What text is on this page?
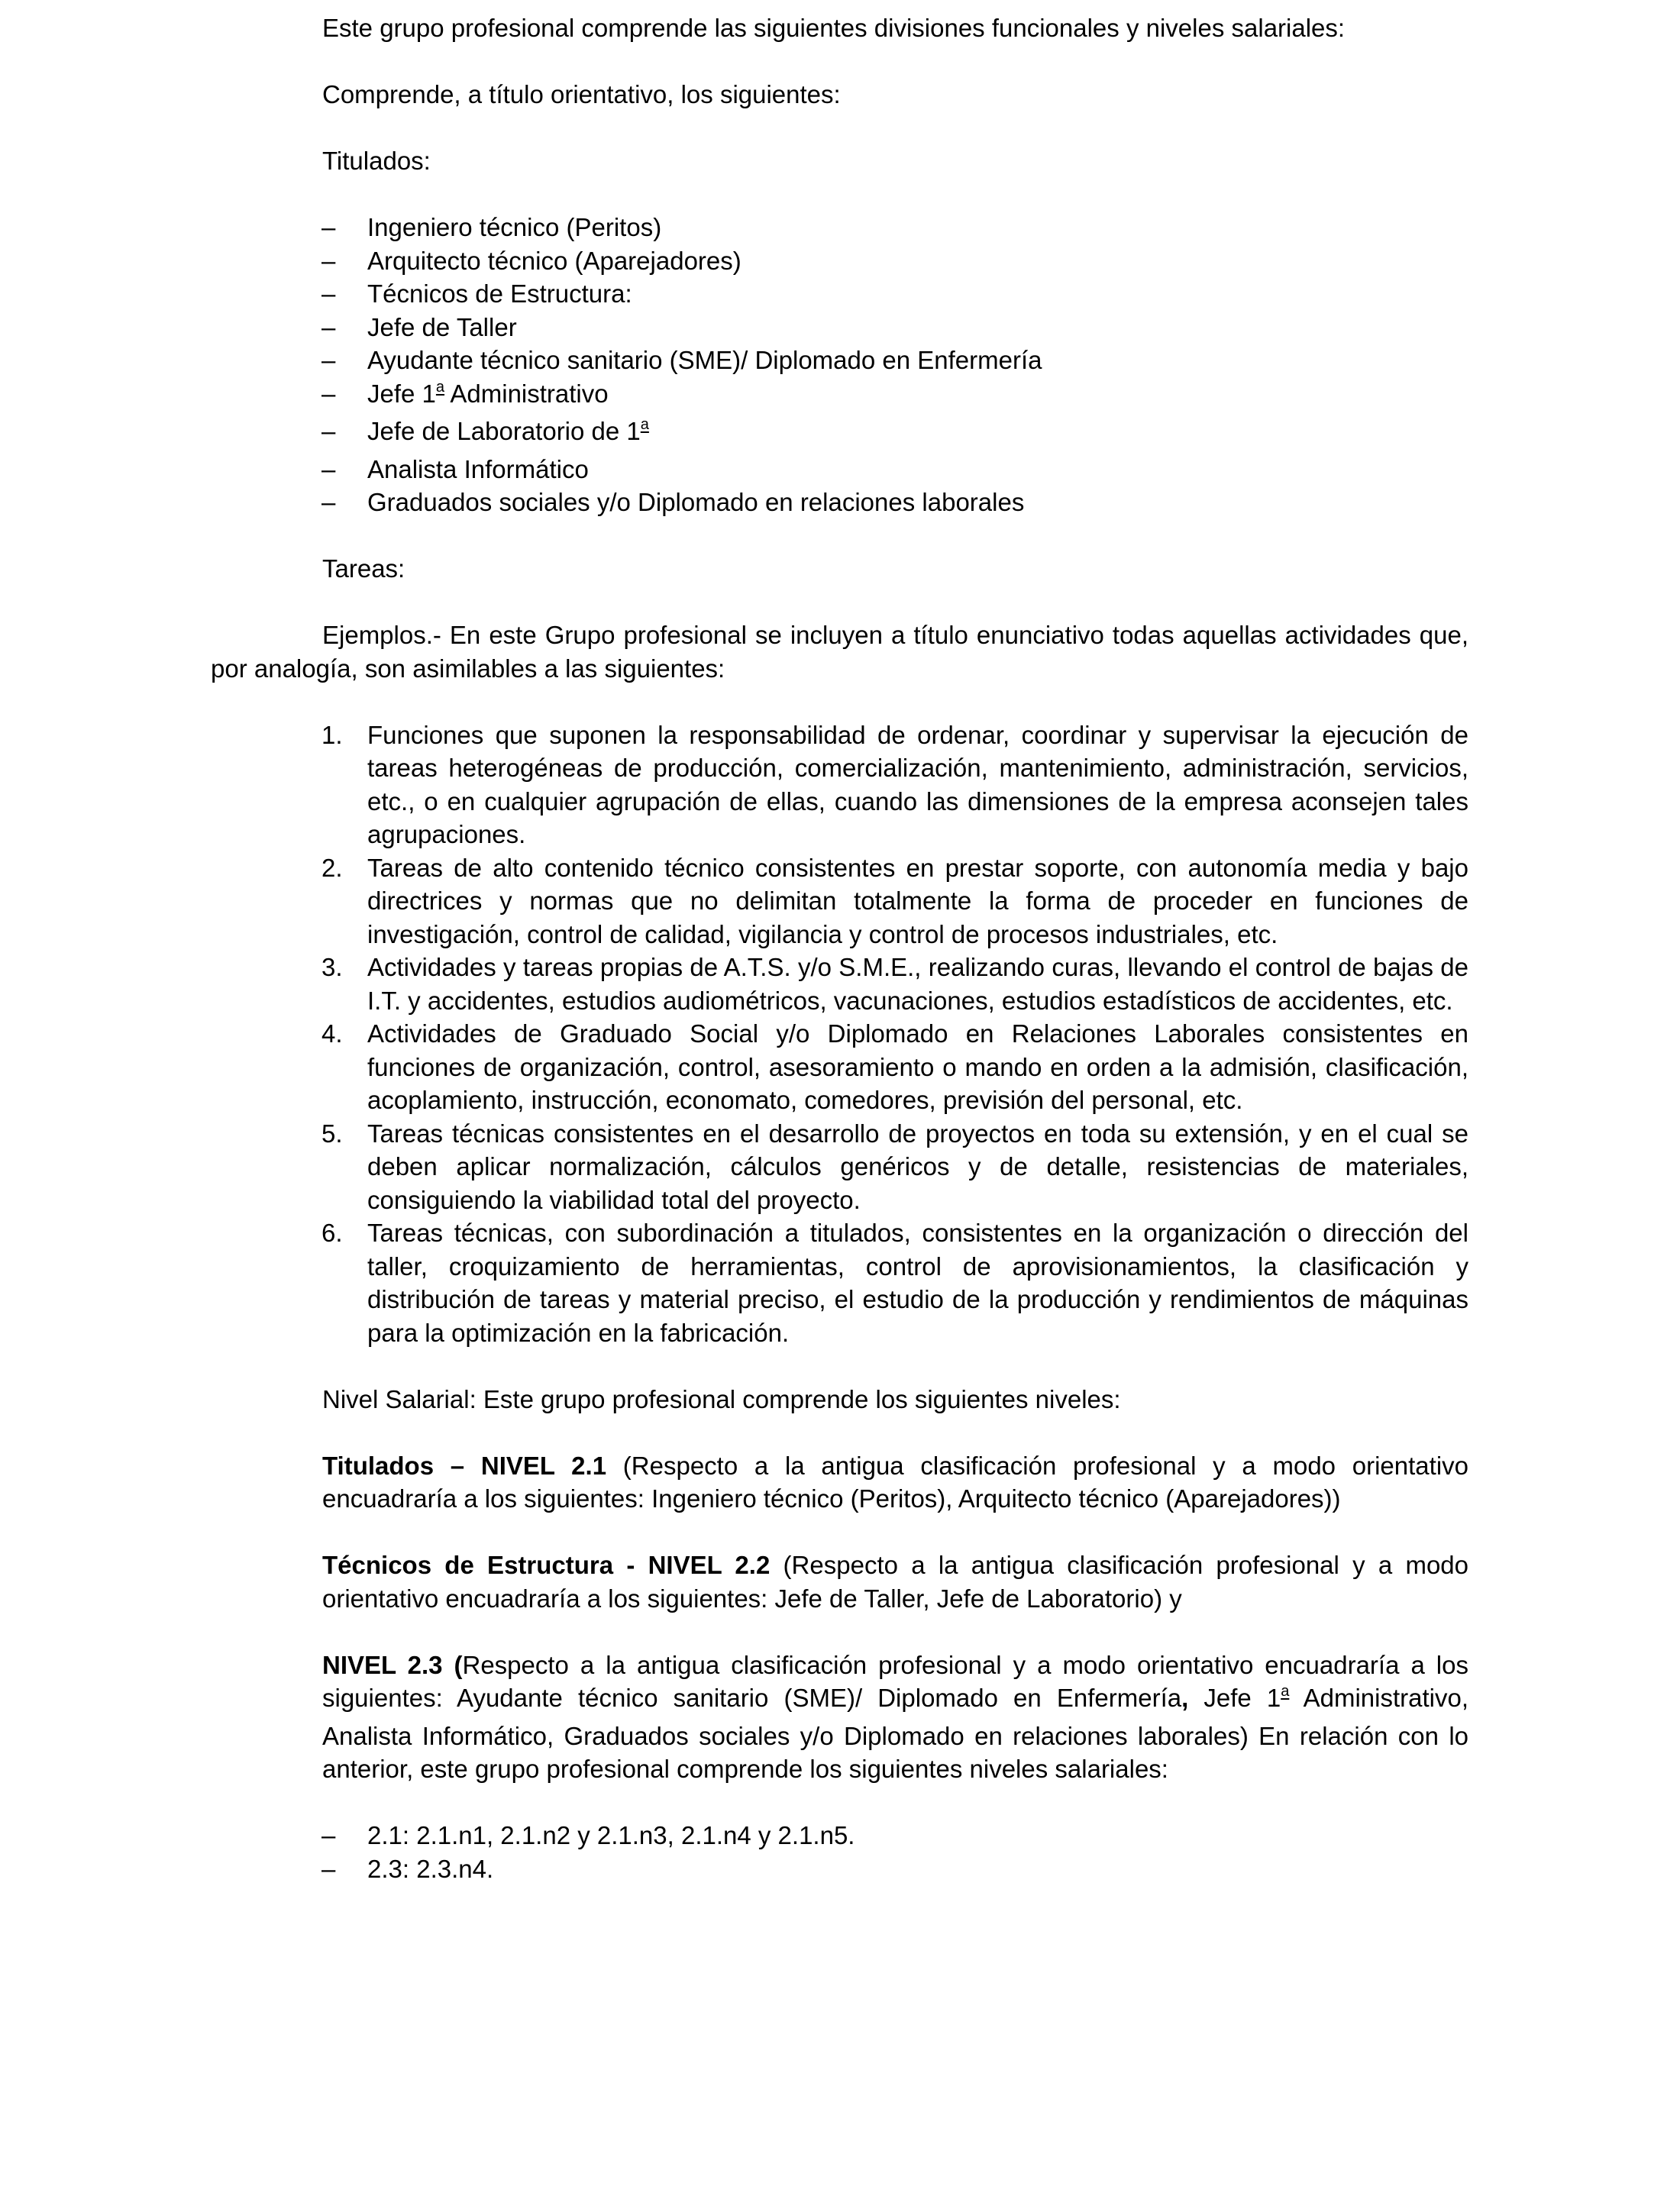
Este grupo profesional comprende las siguientes divisiones funcionales y niveles salariales:

Comprende, a título orientativo, los siguientes:

Titulados:

– Ingeniero técnico (Peritos)
– Arquitecto técnico (Aparejadores)
– Técnicos de Estructura:
– Jefe de Taller
– Ayudante técnico sanitario (SME)/ Diplomado en Enfermería
– Jefe 1$^a$ Administrativo
– Jefe de Laboratorio de 1$^a$
– Analista Informático
– Graduados sociales y/o Diplomado en relaciones laborales

Tareas:

Ejemplos.- En este Grupo profesional se incluyen a título enunciativo todas aquellas actividades que, por analogía, son asimilables a las siguientes:

1. Funciones que suponen la responsabilidad de ordenar, coordinar y supervisar la ejecución de tareas heterogéneas de producción, comercialización, mantenimiento, administración, servicios, etc., o en cualquier agrupación de ellas, cuando las dimensiones de la empresa aconsejen tales agrupaciones.
2. Tareas de alto contenido técnico consistentes en prestar soporte, con autonomía media y bajo directrices y normas que no delimitan totalmente la forma de proceder en funciones de investigación, control de calidad, vigilancia y control de procesos industriales, etc.
3. Actividades y tareas propias de A.T.S. y/o S.M.E., realizando curas, llevando el control de bajas de I.T. y accidentes, estudios audiométricos, vacunaciones, estudios estadísticos de accidentes, etc.
4. Actividades de Graduado Social y/o Diplomado en Relaciones Laborales consistentes en funciones de organización, control, asesoramiento o mando en orden a la admisión, clasificación, acoplamiento, instrucción, economato, comedores, previsión del personal, etc.
5. Tareas técnicas consistentes en el desarrollo de proyectos en toda su extensión, y en el cual se deben aplicar normalización, cálculos genéricos y de detalle, resistencias de materiales, consiguiendo la viabilidad total del proyecto.
6. Tareas técnicas, con subordinación a titulados, consistentes en la organización o dirección del taller, croquizamiento de herramientas, control de aprovisionamientos, la clasificación y distribución de tareas y material preciso, el estudio de la producción y rendimientos de máquinas para la optimización en la fabricación.

Nivel Salarial: Este grupo profesional comprende los siguientes niveles:

Titulados – NIVEL 2.1 (Respecto a la antigua clasificación profesional y a modo orientativo encuadraría a los siguientes: Ingeniero técnico (Peritos), Arquitecto técnico (Aparejadores))

Técnicos de Estructura - NIVEL 2.2 (Respecto a la antigua clasificación profesional y a modo orientativo encuadraría a los siguientes: Jefe de Taller, Jefe de Laboratorio) y

NIVEL 2.3 (Respecto a la antigua clasificación profesional y a modo orientativo encuadraría a los siguientes: Ayudante técnico sanitario (SME)/ Diplomado en Enfermería, Jefe 1$^a$ Administrativo, Analista Informático, Graduados sociales y/o Diplomado en relaciones laborales) En relación con lo anterior, este grupo profesional comprende los siguientes niveles salariales:

– 2.1: 2.1.n1, 2.1.n2 y 2.1.n3, 2.1.n4 y 2.1.n5.
– 2.3: 2.3.n4.
